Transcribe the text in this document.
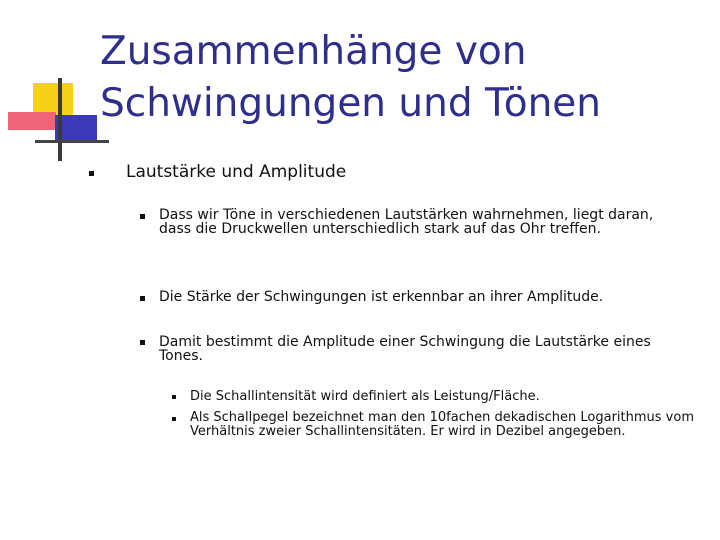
Zusammenhänge von
Schwingungen und Tönen
Lautstärke und Amplitude
Dass wir Töne in verschiedenen Lautstärken wahrnehmen, liegt daran, dass die Druckwellen unterschiedlich stark auf das Ohr treffen.
Die Stärke der Schwingungen ist erkennbar an ihrer Amplitude.
Damit bestimmt die Amplitude einer Schwingung die Lautstärke eines Tones.
Die Schallintensität wird definiert als Leistung/Fläche.
Als Schallpegel bezeichnet man den 10fachen dekadischen Logarithmus vom Verhältnis zweier Schallintensitäten. Er wird in Dezibel angegeben.
